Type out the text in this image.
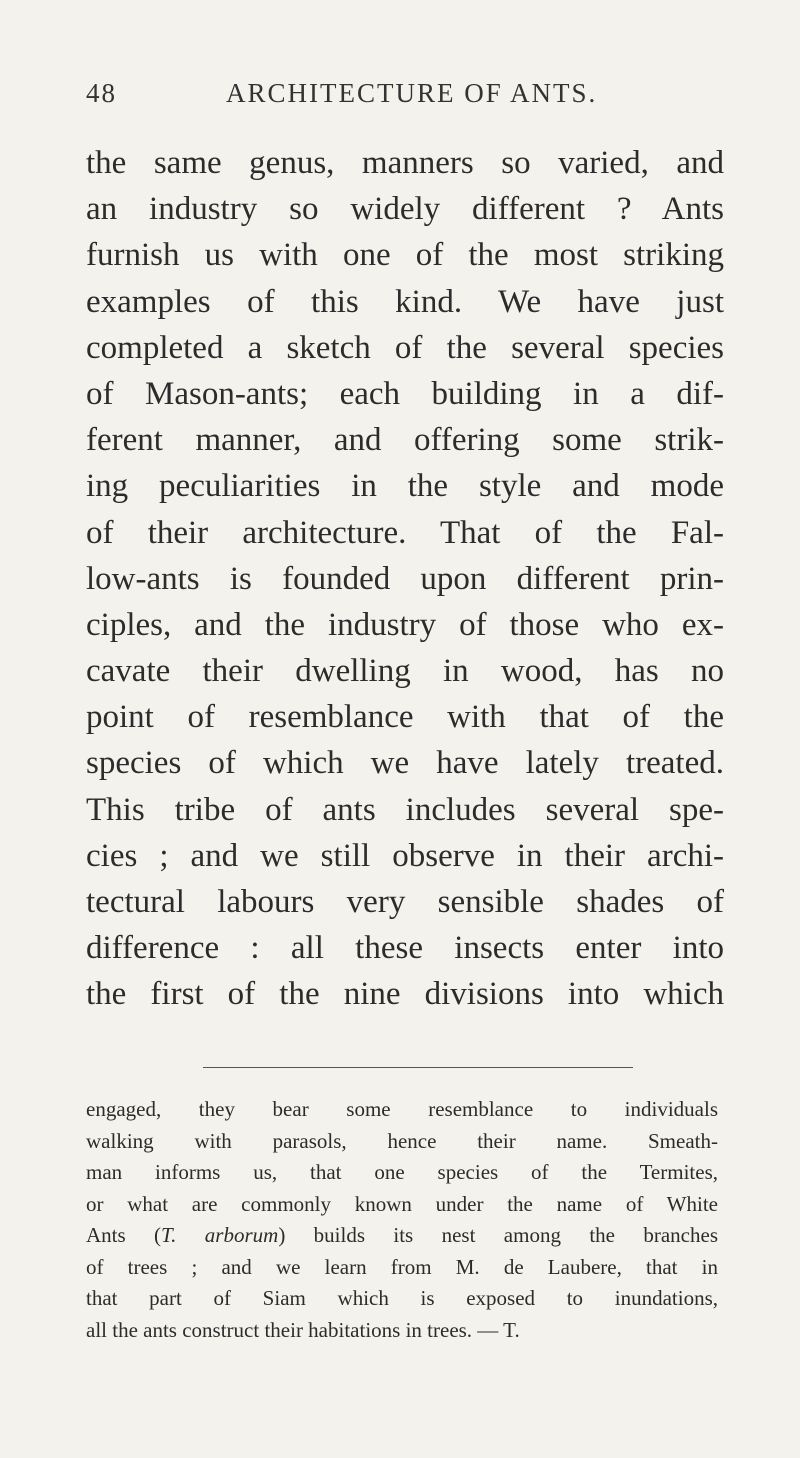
48	ARCHITECTURE OF ANTS.
the same genus, manners so varied, and
an industry so widely different ? Ants
furnish us with one of the most striking
examples of this kind. We have just
completed a sketch of the several species
of Mason-ants; each building in a dif-
ferent manner, and offering some strik-
ing peculiarities in the style and mode
of their architecture. That of the Fal-
low-ants is founded upon different prin-
ciples, and the industry of those who ex-
cavate their dwelling in wood, has no
point of resemblance with that of the
species of which we have lately treated.
This tribe of ants includes several spe-
cies ; and we still observe in their archi-
tectural labours very sensible shades of
difference : all these insects enter into
the first of the nine divisions into which
engaged, they bear some resemblance to individuals
walking with parasols, hence their name. Smeath-
man informs us, that one species of the Termites,
or what are commonly known under the name of White
Ants (T. arborum) builds its nest among the branches
of trees ; and we learn from M. de Laubere, that in
that part of Siam which is exposed to inundations,
all the ants construct their habitations in trees. — T.
